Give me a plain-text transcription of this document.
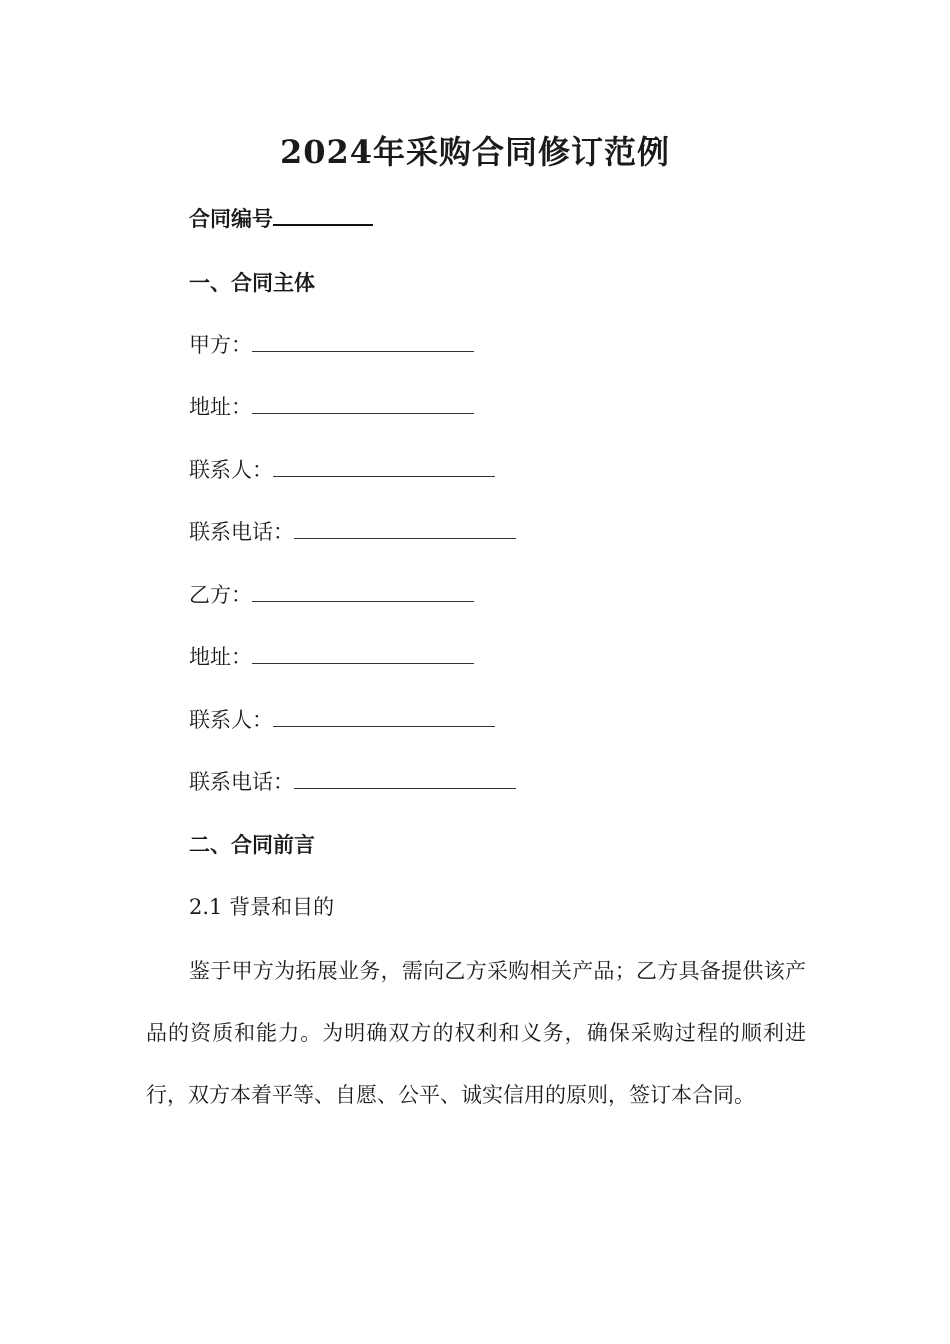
2024年采购合同修订范例
合同编号
一、合同主体
甲方：
地址：
联系人：
联系电话：
乙方：
地址：
联系人：
联系电话：
二、合同前言
2.1 背景和目的
鉴于甲方为拓展业务，需向乙方采购相关产品；乙方具备提供该产品的资质和能力。为明确双方的权利和义务，确保采购过程的顺利进行，双方本着平等、自愿、公平、诚实信用的原则，签订本合同。
